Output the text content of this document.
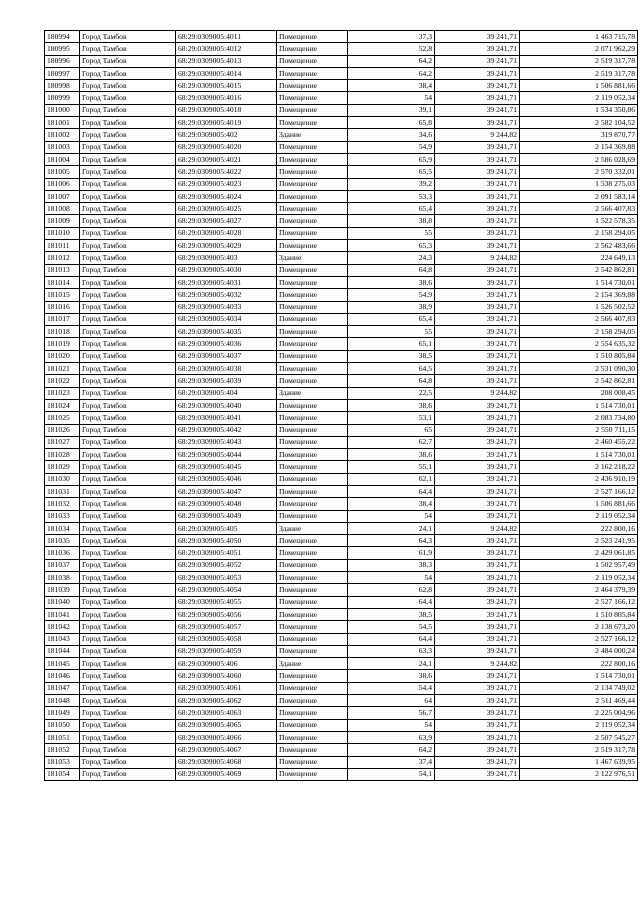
180994	Город Тамбов	68:29:0309005:4011	Помещение	37,3	39 241,71	1 463 715,78
180995	Город Тамбов	68:29:0309005:4012	Помещение	52,8	39 241,71	2 071 962,29
180996	Город Тамбов	68:29:0309005:4013	Помещение	64,2	39 241,71	2 519 317,78
180997	Город Тамбов	68:29:0309005:4014	Помещение	64,2	39 241,71	2 519 317,78
180998	Город Тамбов	68:29:0309005:4015	Помещение	38,4	39 241,71	1 506 881,66
180999	Город Тамбов	68:29:0309005:4016	Помещение	54	39 241,71	2 119 052,34
181000	Город Тамбов	68:29:0309005:4018	Помещение	39,1	39 241,71	1 534 350,86
181001	Город Тамбов	68:29:0309005:4019	Помещение	65,8	39 241,71	2 582 104,52
181002	Город Тамбов	68:29:0309005:402	Здание	34,6	9 244,82	319 870,77
181003	Город Тамбов	68:29:0309005:4020	Помещение	54,9	39 241,71	2 154 369,88
181004	Город Тамбов	68:29:0309005:4021	Помещение	65,9	39 241,71	2 586 028,69
181005	Город Тамбов	68:29:0309005:4022	Помещение	65,5	39 241,71	2 570 332,01
181006	Город Тамбов	68:29:0309005:4023	Помещение	39,2	39 241,71	1 538 275,03
181007	Город Тамбов	68:29:0309005:4024	Помещение	53,3	39 241,71	2 091 583,14
181008	Город Тамбов	68:29:0309005:4025	Помещение	65,4	39 241,71	2 566 407,83
181009	Город Тамбов	68:29:0309005:4027	Помещение	38,8	39 241,71	1 522 578,35
181010	Город Тамбов	68:29:0309005:4028	Помещение	55	39 241,71	2 158 294,05
181011	Город Тамбов	68:29:0309005:4029	Помещение	65,3	39 241,71	2 562 483,66
181012	Город Тамбов	68:29:0309005:403	Здание	24,3	9 244,82	224 649,13
181013	Город Тамбов	68:29:0309005:4030	Помещение	64,8	39 241,71	2 542 862,81
181014	Город Тамбов	68:29:0309005:4031	Помещение	38,6	39 241,71	1 514 730,01
181015	Город Тамбов	68:29:0309005:4032	Помещение	54,9	39 241,71	2 154 369,88
181016	Город Тамбов	68:29:0309005:4033	Помещение	38,9	39 241,71	1 526 502,52
181017	Город Тамбов	68:29:0309005:4034	Помещение	65,4	39 241,71	2 566 407,83
181018	Город Тамбов	68:29:0309005:4035	Помещение	55	39 241,71	2 158 294,05
181019	Город Тамбов	68:29:0309005:4036	Помещение	65,1	39 241,71	2 554 635,32
181020	Город Тамбов	68:29:0309005:4037	Помещение	38,5	39 241,71	1 510 805,84
181021	Город Тамбов	68:29:0309005:4038	Помещение	64,5	39 241,71	2 531 090,30
181022	Город Тамбов	68:29:0309005:4039	Помещение	64,8	39 241,71	2 542 862,81
181023	Город Тамбов	68:29:0309005:404	Здание	22,5	9 244,82	208 008,45
181024	Город Тамбов	68:29:0309005:4040	Помещение	38,6	39 241,71	1 514 730,01
181025	Город Тамбов	68:29:0309005:4041	Помещение	53,1	39 241,71	2 083 734,80
181026	Город Тамбов	68:29:0309005:4042	Помещение	65	39 241,71	2 550 711,15
181027	Город Тамбов	68:29:0309005:4043	Помещение	62,7	39 241,71	2 460 455,22
181028	Город Тамбов	68:29:0309005:4044	Помещение	38,6	39 241,71	1 514 730,01
181029	Город Тамбов	68:29:0309005:4045	Помещение	55,1	39 241,71	2 162 218,22
181030	Город Тамбов	68:29:0309005:4046	Помещение	62,1	39 241,71	2 436 910,19
181031	Город Тамбов	68:29:0309005:4047	Помещение	64,4	39 241,71	2 527 166,12
181032	Город Тамбов	68:29:0309005:4048	Помещение	38,4	39 241,71	1 506 881,66
181033	Город Тамбов	68:29:0309005:4049	Помещение	54	39 241,71	2 119 052,34
181034	Город Тамбов	68:29:0309005:405	Здание	24,1	9 244,82	222 800,16
181035	Город Тамбов	68:29:0309005:4050	Помещение	64,3	39 241,71	2 523 241,95
181036	Город Тамбов	68:29:0309005:4051	Помещение	61,9	39 241,71	2 429 061,85
181037	Город Тамбов	68:29:0309005:4052	Помещение	38,3	39 241,71	1 502 957,49
181038	Город Тамбов	68:29:0309005:4053	Помещение	54	39 241,71	2 119 052,34
181039	Город Тамбов	68:29:0309005:4054	Помещение	62,8	39 241,71	2 464 379,39
181040	Город Тамбов	68:29:0309005:4055	Помещение	64,4	39 241,71	2 527 166,12
181041	Город Тамбов	68:29:0309005:4056	Помещение	38,5	39 241,71	1 510 805,84
181042	Город Тамбов	68:29:0309005:4057	Помещение	54,5	39 241,71	2 138 673,20
181043	Город Тамбов	68:29:0309005:4058	Помещение	64,4	39 241,71	2 527 166,12
181044	Город Тамбов	68:29:0309005:4059	Помещение	63,3	39 241,71	2 484 000,24
181045	Город Тамбов	68:29:0309005:406	Здание	24,1	9 244,82	222 800,16
181046	Город Тамбов	68:29:0309005:4060	Помещение	38,6	39 241,71	1 514 730,01
181047	Город Тамбов	68:29:0309005:4061	Помещение	54,4	39 241,71	2 134 749,02
181048	Город Тамбов	68:29:0309005:4062	Помещение	64	39 241,71	2 511 469,44
181049	Город Тамбов	68:29:0309005:4063	Помещение	56,7	39 241,71	2 225 004,96
181050	Город Тамбов	68:29:0309005:4065	Помещение	54	39 241,71	2 119 052,34
181051	Город Тамбов	68:29:0309005:4066	Помещение	63,9	39 241,71	2 507 545,27
181052	Город Тамбов	68:29:0309005:4067	Помещение	64,2	39 241,71	2 519 317,78
181053	Город Тамбов	68:29:0309005:4068	Помещение	37,4	39 241,71	1 467 639,95
181054	Город Тамбов	68:29:0309005:4069	Помещение	54,1	39 241,71	2 122 976,51
